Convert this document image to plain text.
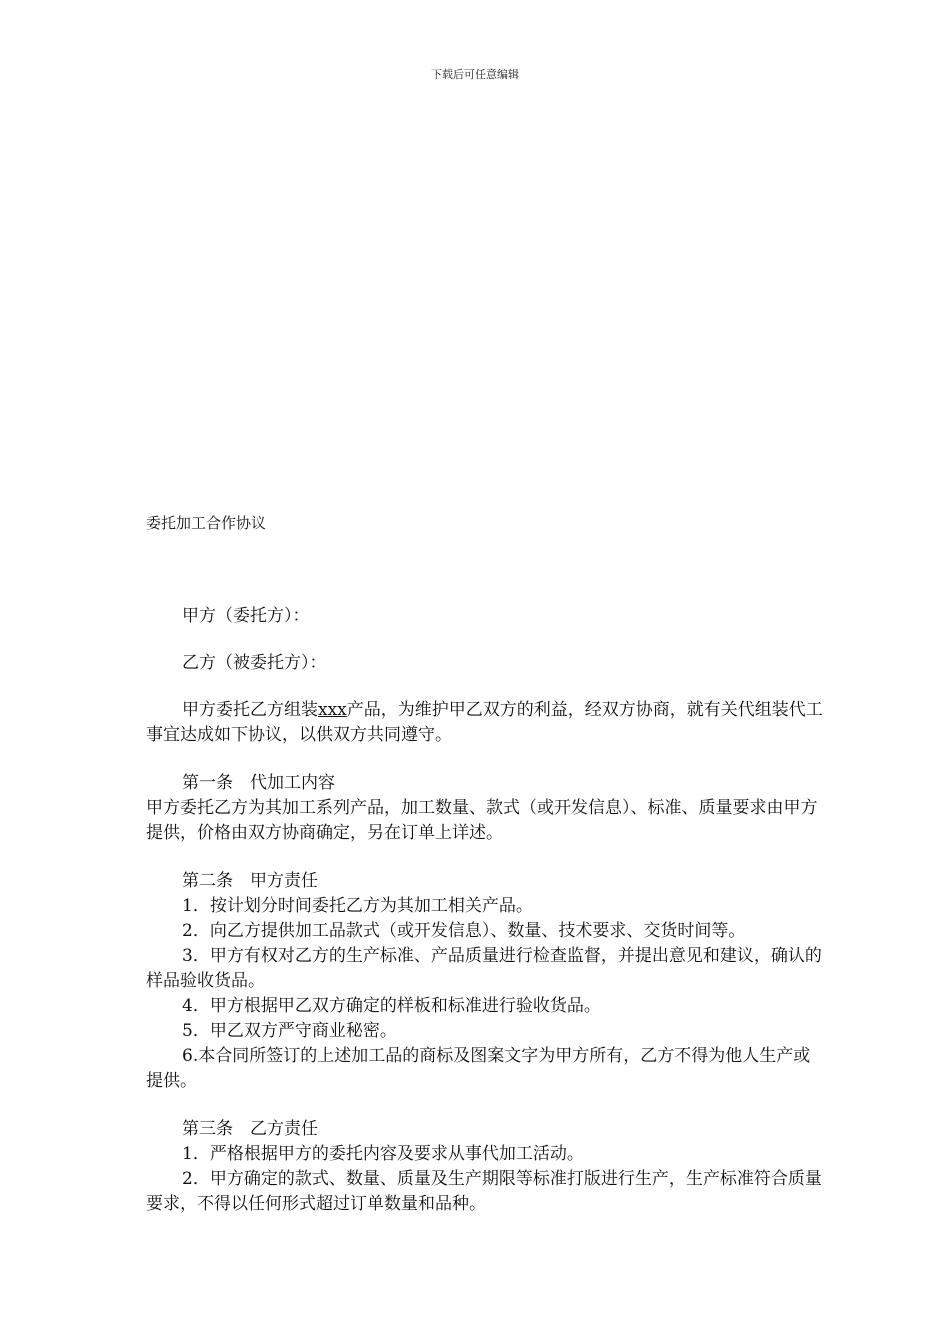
下载后可任意编辑
委托加工合作协议

甲方（委托方）：

乙方（被委托方）：

甲方委托乙方组装xxx产品，为维护甲乙双方的利益，经双方协商，就有关代组装代工事宜达成如下协议，以供双方共同遵守。

第一条　代加工内容

甲方委托乙方为其加工系列产品，加工数量、款式（或开发信息）、标准、质量要求由甲方提供，价格由双方协商确定，另在订单上详述。

第二条　甲方责任

1．按计划分时间委托乙方为其加工相关产品。

2．向乙方提供加工品款式（或开发信息）、数量、技术要求、交货时间等。

3．甲方有权对乙方的生产标准、产品质量进行检查监督，并提出意见和建议，确认的样品验收货品。

4．甲方根据甲乙双方确定的样板和标准进行验收货品。

5．甲乙双方严守商业秘密。

6.本合同所签订的上述加工品的商标及图案文字为甲方所有，乙方不得为他人生产或提供。

第三条　乙方责任

1．严格根据甲方的委托内容及要求从事代加工活动。

2．甲方确定的款式、数量、质量及生产期限等标准打版进行生产，生产标准符合质量要求，不得以任何形式超过订单数量和品种。
